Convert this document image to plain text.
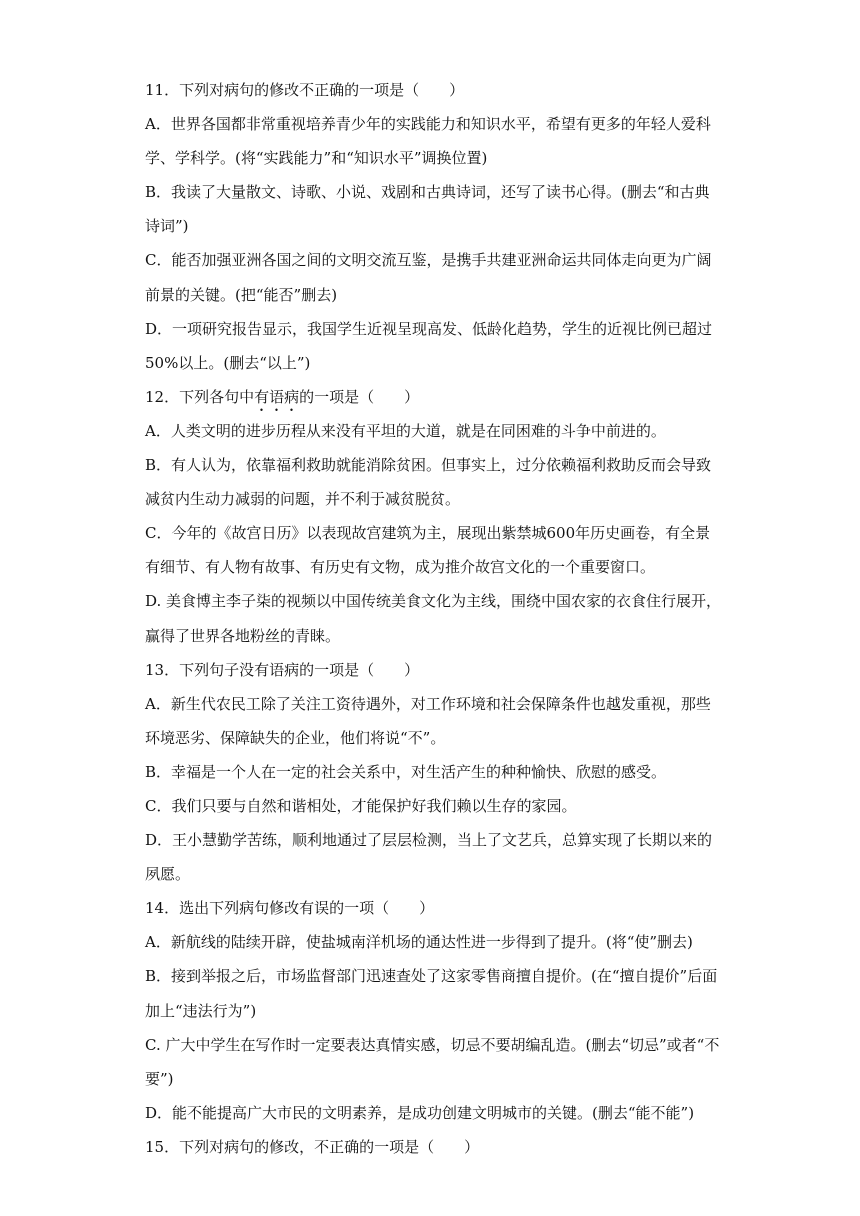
11．下列对病句的修改不正确的一项是（　　）
A．世界各国都非常重视培养青少年的实践能力和知识水平，希望有更多的年轻人爱科
学、学科学。(将“实践能力”和“知识水平”调换位置)
B．我读了大量散文、诗歌、小说、戏剧和古典诗词，还写了读书心得。(删去“和古典
诗词”)
C．能否加强亚洲各国之间的文明交流互鉴，是携手共建亚洲命运共同体走向更为广阔
前景的关键。(把“能否”删去)
D．一项研究报告显示，我国学生近视呈现高发、低龄化趋势，学生的近视比例已超过
50%以上。(删去“以上”)
12．下列各句中有语病的一项是（　　）
A．人类文明的进步历程从来没有平坦的大道，就是在同困难的斗争中前进的。
B．有人认为，依靠福利救助就能消除贫困。但事实上，过分依赖福利救助反而会导致
减贫内生动力减弱的问题，并不利于减贫脱贫。
C．今年的《故宫日历》以表现故宫建筑为主，展现出紫禁城600年历史画卷，有全景
有细节、有人物有故事、有历史有文物，成为推介故宫文化的一个重要窗口。
D. 美食博主李子柒的视频以中国传统美食文化为主线，围绕中国农家的衣食住行展开，
赢得了世界各地粉丝的青睐。
13．下列句子没有语病的一项是（　　）
A．新生代农民工除了关注工资待遇外，对工作环境和社会保障条件也越发重视，那些
环境恶劣、保障缺失的企业，他们将说“不”。
B．幸福是一个人在一定的社会关系中，对生活产生的种种愉快、欣慰的感受。
C．我们只要与自然和谐相处，才能保护好我们赖以生存的家园。
D．王小慧勤学苦练，顺利地通过了层层检测，当上了文艺兵，总算实现了长期以来的
夙愿。
14．选出下列病句修改有误的一项（　　）
A．新航线的陆续开辟，使盐城南洋机场的通达性进一步得到了提升。(将“使”删去)
B．接到举报之后，市场监督部门迅速查处了这家零售商擅自提价。(在“擅自提价”后面
加上“违法行为”)
C. 广大中学生在写作时一定要表达真情实感，切忌不要胡编乱造。(删去“切忌”或者“不
要”)
D．能不能提高广大市民的文明素养，是成功创建文明城市的关键。(删去“能不能”)
15．下列对病句的修改，不正确的一项是（　　）
